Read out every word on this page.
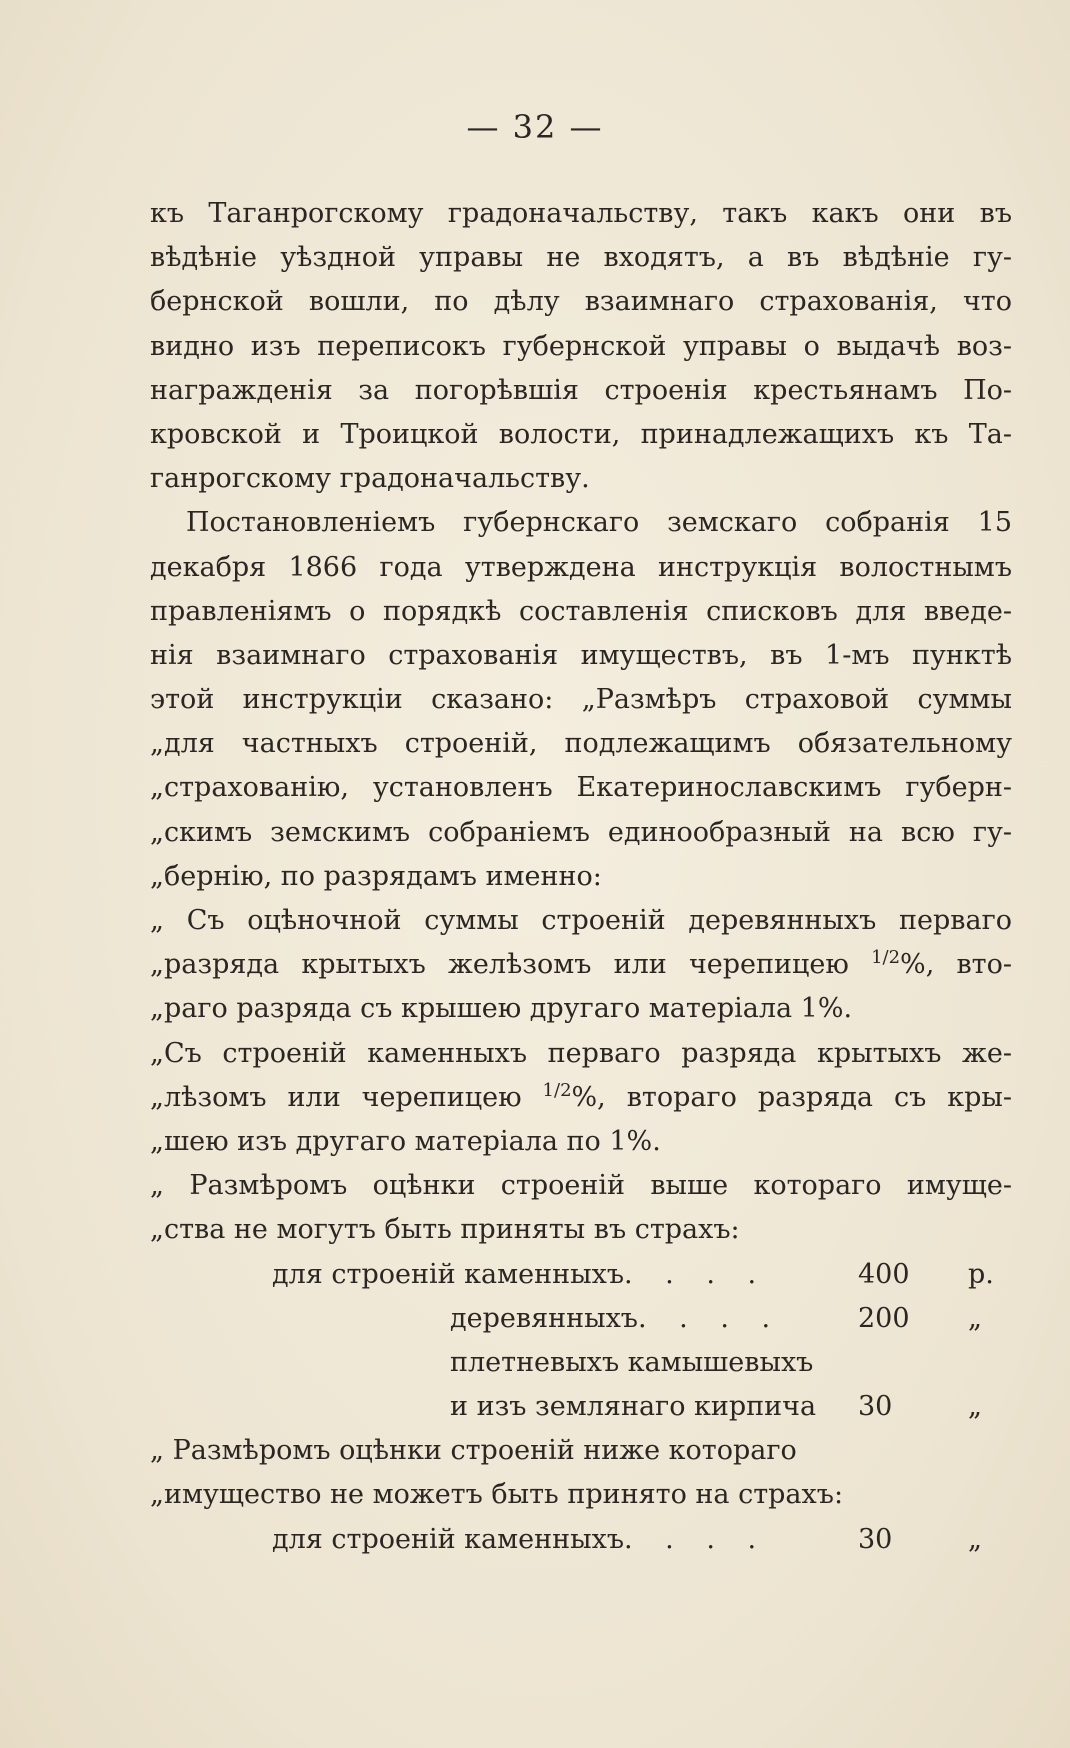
— 32 —
къ Таганрогскому градоначальству, такъ какъ они въ
вѣдѣніе уѣздной управы не входятъ, а въ вѣдѣніе гу-
бернской вошли, по дѣлу взаимнаго страхованія, что
видно изъ переписокъ губернской управы о выдачѣ воз-
награжденія за погорѣвшія строенія крестьянамъ По-
кровской и Троицкой волости, принадлежащихъ къ Та-
ганрогскому градоначальству.
Постановленіемъ губернскаго земскаго собранія 15
декабря 1866 года утверждена инструкція волостнымъ
правленіямъ о порядкѣ составленія списковъ для введе-
нія взаимнаго страхованія имуществъ, въ 1-мъ пунктѣ
этой инструкціи сказано: „Размѣръ страховой суммы
„для частныхъ строеній, подлежащимъ обязательному
„страхованію, установленъ Екатеринославскимъ губерн-
„скимъ земскимъ собраніемъ единообразный на всю гу-
„бернію, по разрядамъ именно:
„ Съ оцѣночной суммы строеній деревянныхъ перваго
„разряда крытыхъ желѣзомъ или черепицею $^{1/2}$%, вто-
„раго разряда съ крышею другаго матеріала 1%.
„Съ строеній каменныхъ перваго разряда крытыхъ же-
„лѣзомъ или черепицею $^{1/2}$%, втораго разряда съ кры-
„шею изъ другаго матеріала по 1%.
„ Размѣромъ оцѣнки строеній выше котораго имуще-
„ства не могутъ быть приняты въ страхъ:
для строеній каменныхъ . . . .	400	р.
деревянныхъ . . . .	200	„
плетневыхъ камышевыхъ
и изъ землянаго кирпича 30	„
„ Размѣромъ оцѣнки строеній ниже котораго
„имущество не можетъ быть принято на страхъ:
для строеній каменныхъ . . . .	30	„
